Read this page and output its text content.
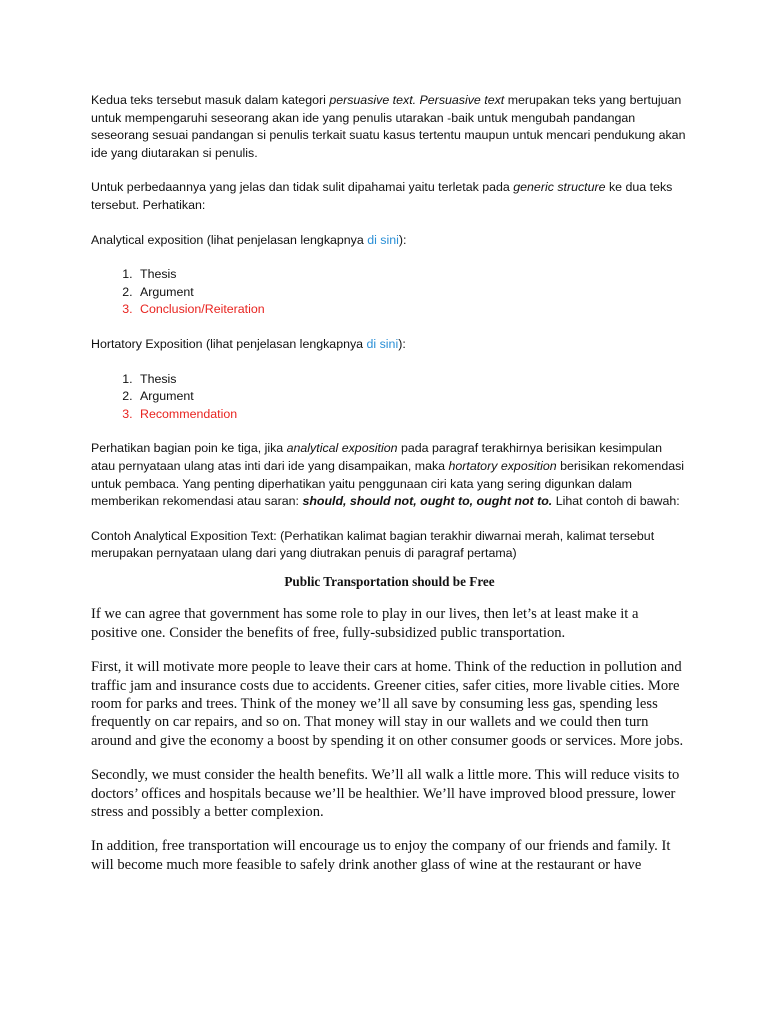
Kedua teks tersebut masuk dalam kategori persuasive text. Persuasive text merupakan teks yang bertujuan untuk mempengaruhi seseorang akan ide yang penulis utarakan -baik untuk mengubah pandangan seseorang sesuai pandangan si penulis terkait suatu kasus tertentu maupun untuk mencari pendukung akan ide yang diutarakan si penulis.

Untuk perbedaannya yang jelas dan tidak sulit dipahamai yaitu terletak pada generic structure ke dua teks tersebut. Perhatikan:

Analytical exposition (lihat penjelasan lengkapnya di sini):

1. Thesis
2. Argument
3. Conclusion/Reiteration

Hortatory Exposition (lihat penjelasan lengkapnya di sini):

1. Thesis
2. Argument
3. Recommendation

Perhatikan bagian poin ke tiga, jika analytical exposition pada paragraf terakhirnya berisikan kesimpulan atau pernyataan ulang atas inti dari ide yang disampaikan, maka hortatory exposition berisikan rekomendasi untuk pembaca. Yang penting diperhatikan yaitu penggunaan ciri kata yang sering digunkan dalam memberikan rekomendasi atau saran: should, should not, ought to, ought not to. Lihat contoh di bawah:

Contoh Analytical Exposition Text: (Perhatikan kalimat bagian terakhir diwarnai merah, kalimat tersebut merupakan pernyataan ulang dari yang diutrakan penuis di paragraf pertama)

Public Transportation should be Free

If we can agree that government has some role to play in our lives, then let’s at least make it a positive one. Consider the benefits of free, fully-subsidized public transportation.

First, it will motivate more people to leave their cars at home. Think of the reduction in pollution and traffic jam and insurance costs due to accidents. Greener cities, safer cities, more livable cities. More room for parks and trees. Think of the money we’ll all save by consuming less gas, spending less frequently on car repairs, and so on. That money will stay in our wallets and we could then turn around and give the economy a boost by spending it on other consumer goods or services. More jobs.

Secondly, we must consider the health benefits. We’ll all walk a little more. This will reduce visits to doctors’ offices and hospitals because we’ll be healthier. We’ll have improved blood pressure, lower stress and possibly a better complexion.

In addition, free transportation will encourage us to enjoy the company of our friends and family. It will become much more feasible to safely drink another glass of wine at the restaurant or have
